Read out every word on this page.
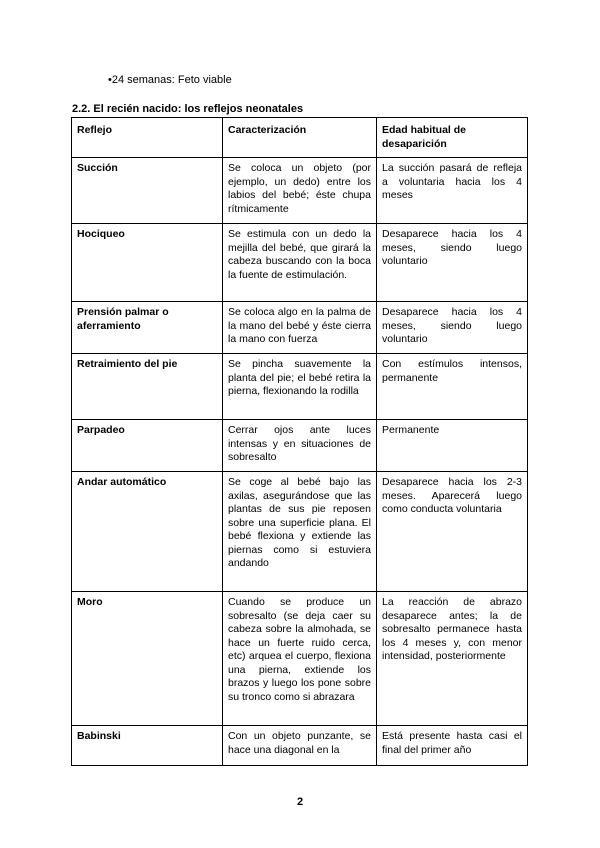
•24 semanas: Feto viable
2.2. El recién nacido: los reflejos neonatales
Reflejo	Caracterización	Edad habitual de desaparición
Succión	Se coloca un objeto (por ejemplo, un dedo) entre los labios del bebé; éste chupa rítmicamente	La succión pasará de refleja a voluntaria hacia los 4 meses
Hociqueo	Se estimula con un dedo la mejilla del bebé, que girará la cabeza buscando con la boca la fuente de estimulación.	Desaparece hacia los 4 meses, siendo luego voluntario
Prensión palmar o aferramiento	Se coloca algo en la palma de la mano del bebé y éste cierra la mano con fuerza	Desaparece hacia los 4 meses, siendo luego voluntario
Retraimiento del pie	Se pincha suavemente la planta del pie; el bebé retira la pierna, flexionando la rodilla	Con estímulos intensos, permanente
Parpadeo	Cerrar ojos ante luces intensas y en situaciones de sobresalto	Permanente
Andar automático	Se coge al bebé bajo las axilas, asegurándose que las plantas de sus pie reposen sobre una superficie plana. El bebé flexiona y extiende las piernas como si estuviera andando	Desaparece hacia los 2-3 meses. Aparecerá luego como conducta voluntaria
Moro	Cuando se produce un sobresalto (se deja caer su cabeza sobre la almohada, se hace un fuerte ruido cerca, etc) arquea el cuerpo, flexiona una pierna, extiende los brazos y luego los pone sobre su tronco como si abrazara	La reacción de abrazo desaparece antes; la de sobresalto permanece hasta los 4 meses y, con menor intensidad, posteriormente
Babinski	Con un objeto punzante, se hace una diagonal en la	Está presente hasta casi el final del primer año
2
